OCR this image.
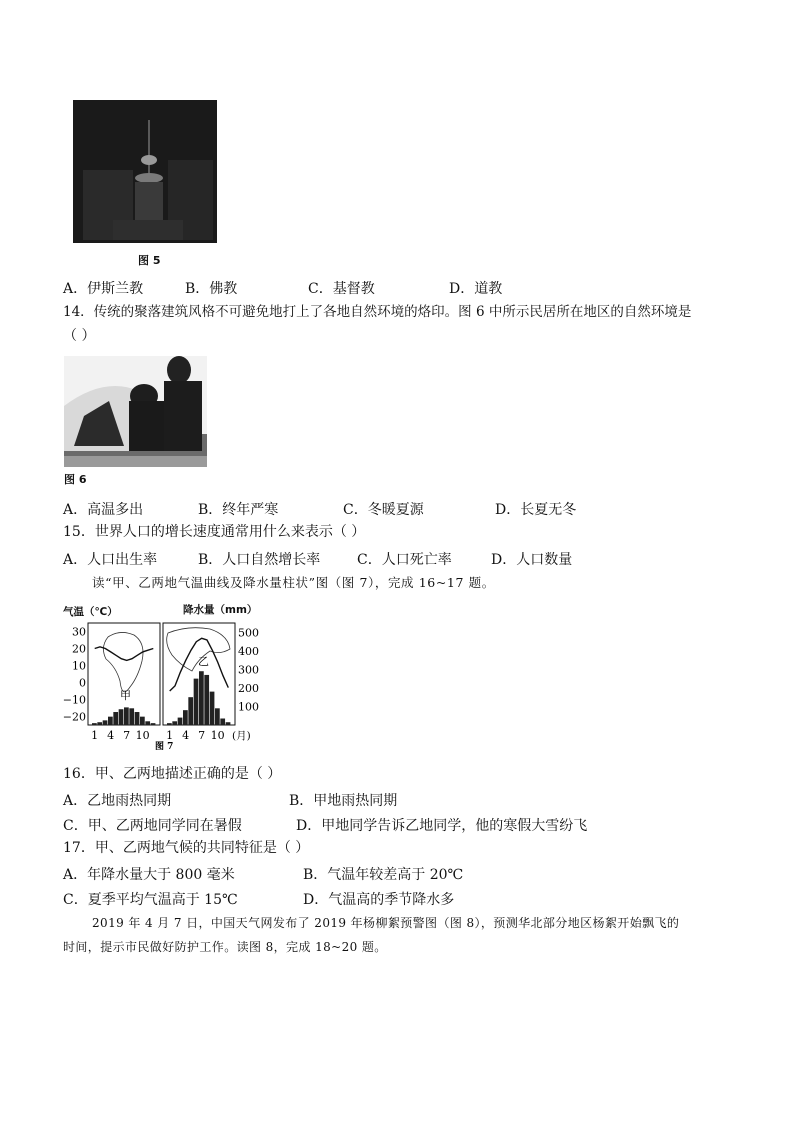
图 5
A．伊斯兰教	B．佛教	C．基督教	D．道教
14．传统的聚落建筑风格不可避免地打上了各地自然环境的烙印。图 6 中所示民居所在地区的自然环境是
（ ）
图 6
A．高温多出	B．终年严寒	C．冬暖夏源	D．长夏无冬
15．世界人口的增长速度通常用什么来表示（ ）
A．人口出生率	B．人口自然增长率	C．人口死亡率	D．人口数量
读“甲、乙两地气温曲线及降水量柱状”图（图 7），完成 16~17 题。
气温（℃）	降水量（mm）
30
20
10
0
−10
−20
500
400
300
200
100
1 4 7 10 1 4 7 10
甲
乙
(月)
图 7
16．甲、乙两地描述正确的是（ ）
A．乙地雨热同期	B．甲地雨热同期
C．甲、乙两地同学同在暑假	D．甲地同学告诉乙地同学，他的寒假大雪纷飞
17．甲、乙两地气候的共同特征是（ ）
A．年降水量大于 800 毫米	B．气温年较差高于 20℃
C．夏季平均气温高于 15℃	D．气温高的季节降水多
2019 年 4 月 7 日，中国天气网发布了 2019 年杨柳絮预警图（图 8），预测华北部分地区杨絮开始飘飞的
时间，提示市民做好防护工作。读图 8，完成 18~20 题。
